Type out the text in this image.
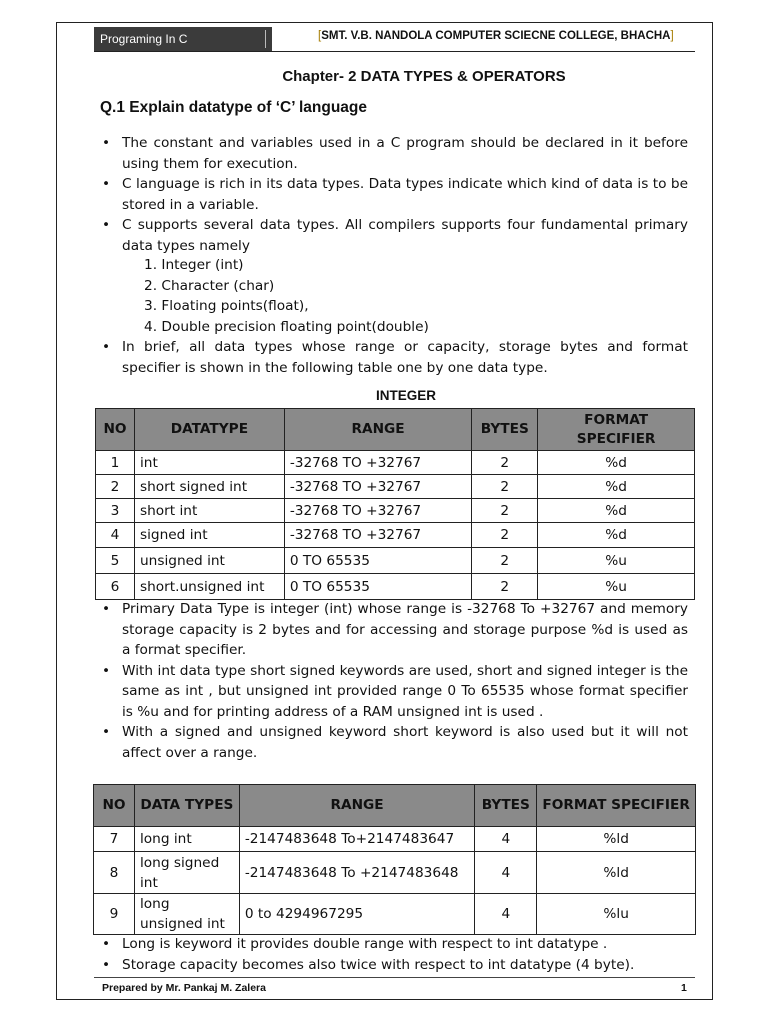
Programing In C	[SMT. V.B. NANDOLA COMPUTER SCIECNE COLLEGE, BHACHA]
Chapter- 2 DATA TYPES & OPERATORS
Q.1 Explain datatype of ‘C’ language
• The constant and variables used in a C program should be declared in it before using them for execution.
• C language is rich in its data types. Data types indicate which kind of data is to be stored in a variable.
• C supports several data types. All compilers supports four fundamental primary data types namely
1. Integer (int)
2. Character (char)
3. Floating points(float),
4. Double precision floating point(double)
• In brief, all data types whose range or capacity, storage bytes and format specifier is shown in the following table one by one data type.
INTEGER
NO	DATATYPE	RANGE	BYTES	FORMAT SPECIFIER
1	int	-32768 TO +32767	2	%d
2	short signed int	-32768 TO +32767	2	%d
3	short int	-32768 TO +32767	2	%d
4	signed int	-32768 TO +32767	2	%d
5	unsigned int	0 TO 65535	2	%u
6	short.unsigned int	0 TO 65535	2	%u
• Primary Data Type is integer (int) whose range is -32768 To +32767 and memory storage capacity is 2 bytes and for accessing and storage purpose %d is used as a format specifier.
• With int data type short signed keywords are used, short and signed integer is the same as int , but unsigned int provided range 0 To 65535 whose format specifier is %u and for printing address of a RAM unsigned int is used .
• With a signed and unsigned keyword short keyword is also used but it will not affect over a range.
NO	DATA TYPES	RANGE	BYTES	FORMAT SPECIFIER
7	long int	-2147483648 To+2147483647	4	%ld
8	long signed int	-2147483648 To +2147483648	4	%ld
9	long unsigned int	0 to 4294967295	4	%lu
• Long is keyword it provides double range with respect to int datatype .
• Storage capacity becomes also twice with respect to int datatype (4 byte).
Prepared by Mr. Pankaj M. Zalera	1
